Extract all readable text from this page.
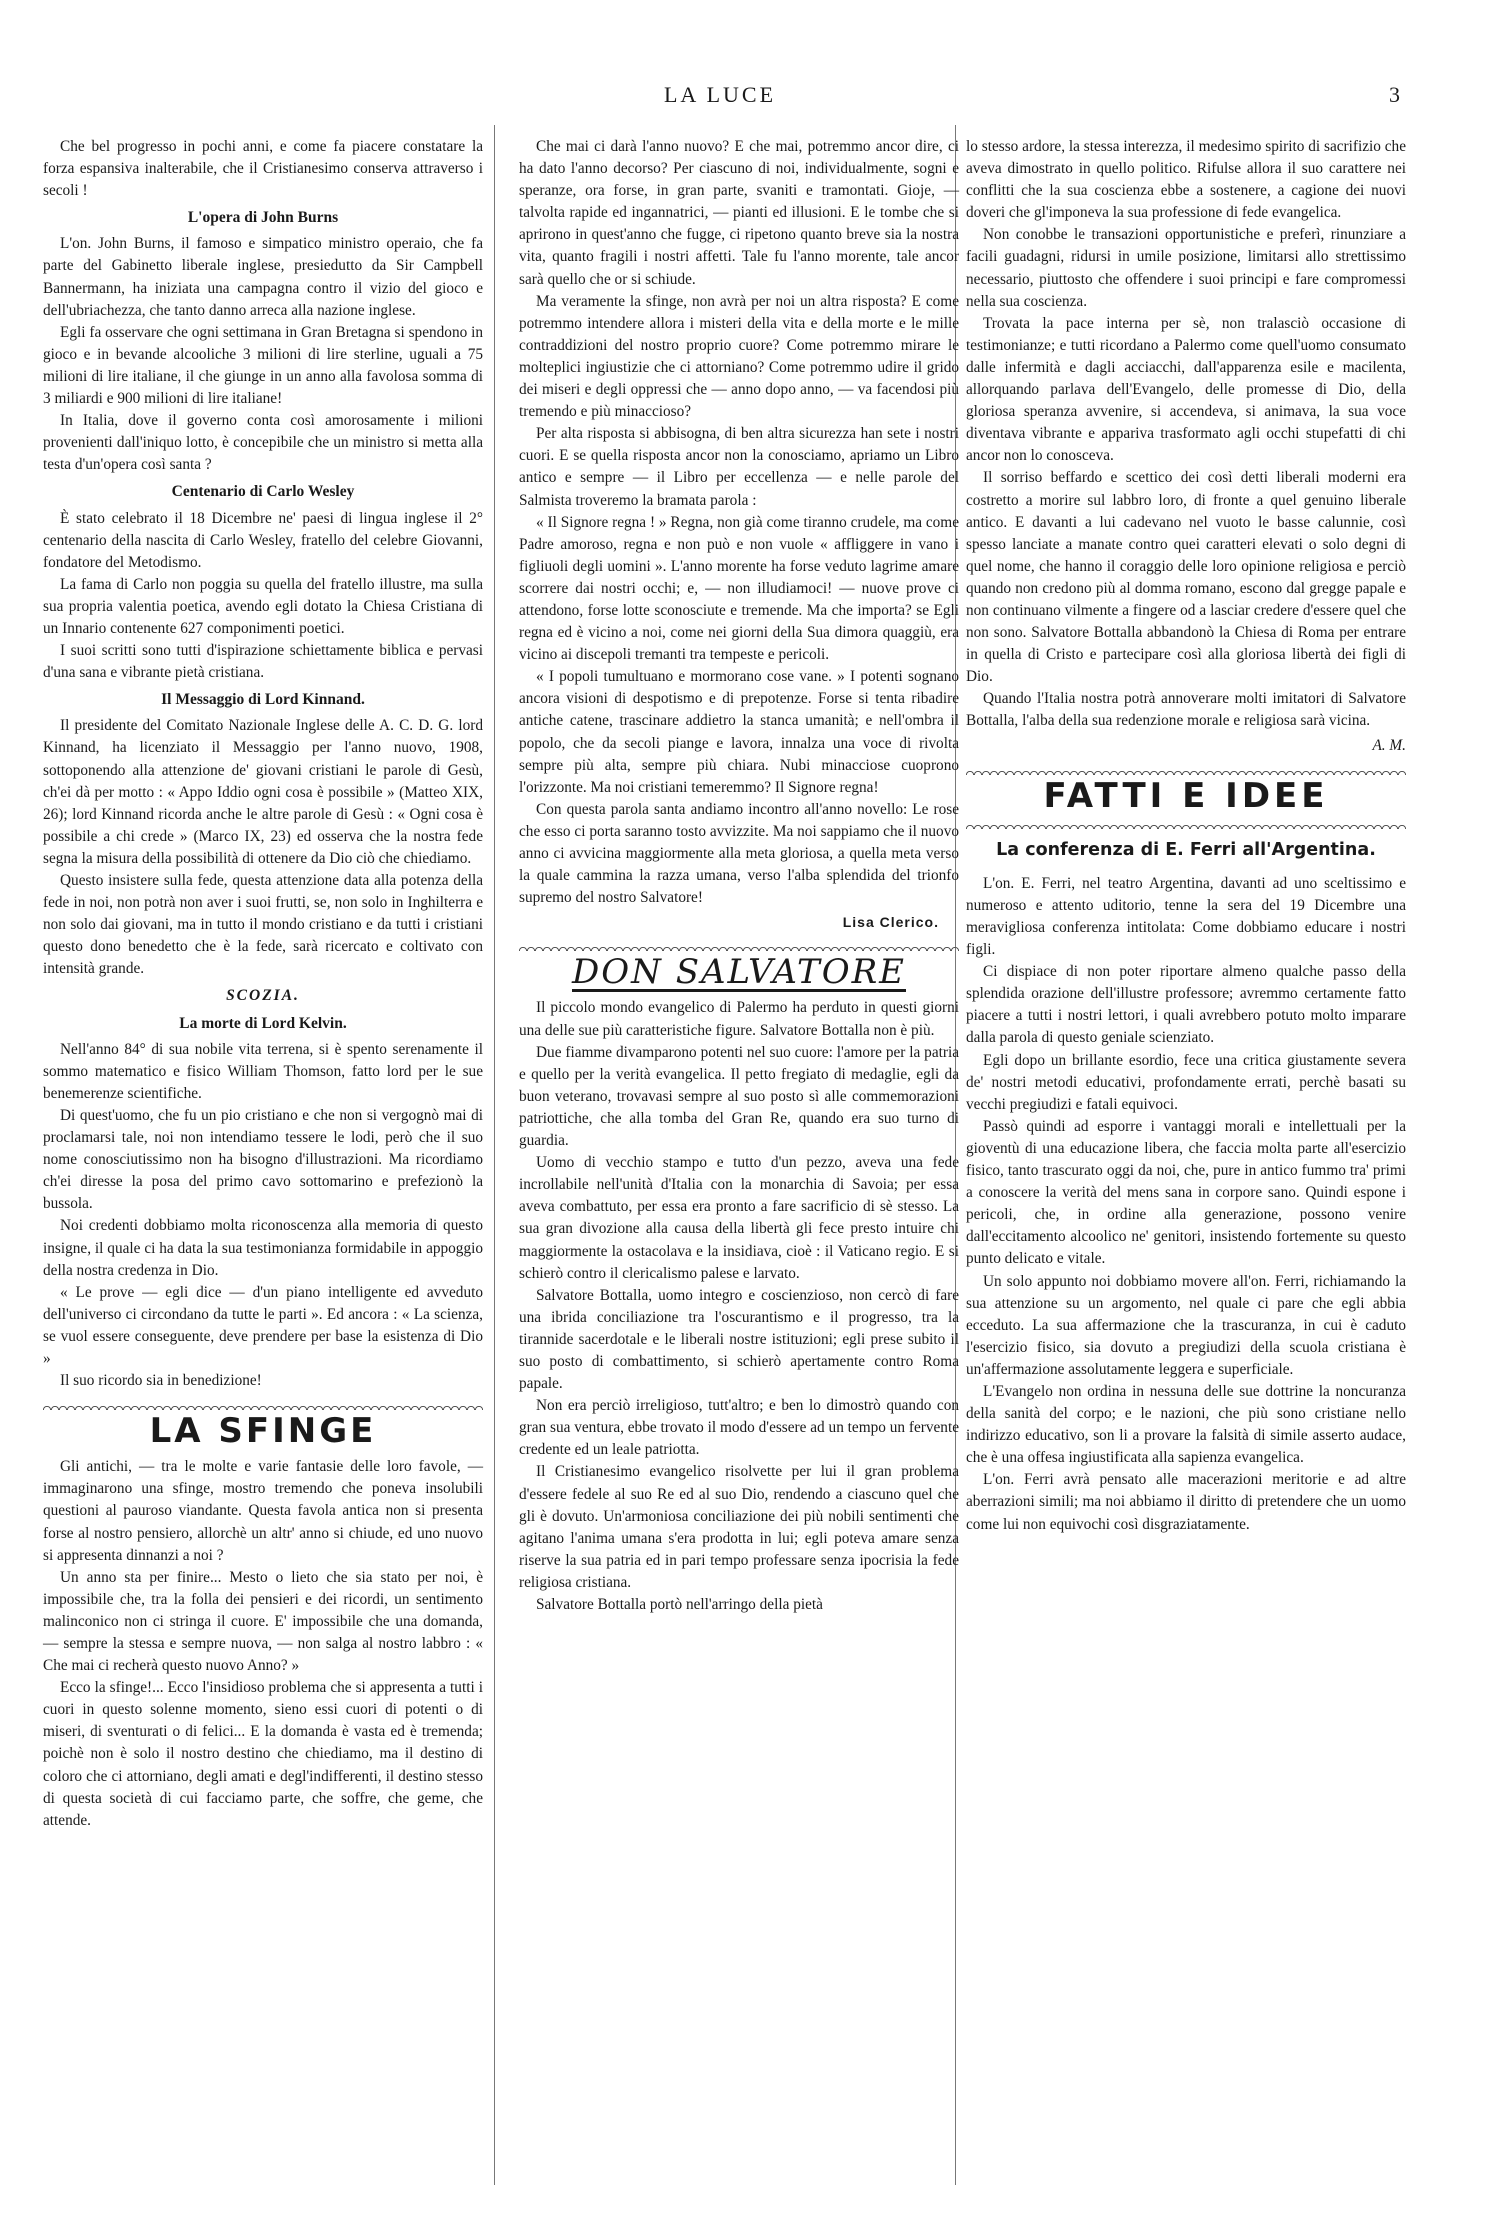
LA LUCE	3

Che bel progresso in pochi anni, e come fa piacere constatare la forza espansiva inalterabile, che il Cristianesimo conserva attraverso i secoli !

L'opera di John Burns

L'on. John Burns, il famoso e simpatico ministro operaio, che fa parte del Gabinetto liberale inglese, presiedutto da Sir Campbell Bannermann, ha iniziata una campagna contro il vizio del gioco e dell'ubriachezza, che tanto danno arreca alla nazione inglese.

Egli fa osservare che ogni settimana in Gran Bretagna si spendono in gioco e in bevande alcooliche 3 milioni di lire sterline, uguali a 75 milioni di lire italiane, il che giunge in un anno alla favolosa somma di 3 miliardi e 900 milioni di lire italiane!

In Italia, dove il governo conta così amorosamente i milioni provenienti dall'iniquo lotto, è concepibile che un ministro si metta alla testa d'un'opera così santa ?

Centenario di Carlo Wesley

È stato celebrato il 18 Dicembre ne' paesi di lingua inglese il 2° centenario della nascita di Carlo Wesley, fratello del celebre Giovanni, fondatore del Metodismo.

La fama di Carlo non poggia su quella del fratello illustre, ma sulla sua propria valentia poetica, avendo egli dotato la Chiesa Cristiana di un Innario contenente 627 componimenti poetici.

I suoi scritti sono tutti d'ispirazione schiettamente biblica e pervasi d'una sana e vibrante pietà cristiana.

Il Messaggio di Lord Kinnand.

Il presidente del Comitato Nazionale Inglese delle A. C. D. G. lord Kinnand, ha licenziato il Messaggio per l'anno nuovo, 1908, sottoponendo alla attenzione de' giovani cristiani le parole di Gesù, ch'ei dà per motto : « Appo Iddio ogni cosa è possibile » (Matteo XIX, 26); lord Kinnand ricorda anche le altre parole di Gesù : « Ogni cosa è possibile a chi crede » (Marco IX, 23) ed osserva che la nostra fede segna la misura della possibilità di ottenere da Dio ciò che chiediamo.

Questo insistere sulla fede, questa attenzione data alla potenza della fede in noi, non potrà non aver i suoi frutti, se, non solo in Inghilterra e non solo dai giovani, ma in tutto il mondo cristiano e da tutti i cristiani questo dono benedetto che è la fede, sarà ricercato e coltivato con intensità grande.

SCOZIA.
La morte di Lord Kelvin.

Nell'anno 84° di sua nobile vita terrena, si è spento serenamente il sommo matematico e fisico William Thomson, fatto lord per le sue benemerenze scientifiche.

Di quest'uomo, che fu un pio cristiano e che non si vergognò mai di proclamarsi tale, noi non intendiamo tessere le lodi, però che il suo nome conosciutissimo non ha bisogno d'illustrazioni. Ma ricordiamo ch'ei diresse la posa del primo cavo sottomarino e prefezionò la bussola.

Noi credenti dobbiamo molta riconoscenza alla memoria di questo insigne, il quale ci ha data la sua testimonianza formidabile in appoggio della nostra credenza in Dio.

« Le prove — egli dice — d'un piano intelligente ed avveduto dell'universo ci circondano da tutte le parti ». Ed ancora : « La scienza, se vuol essere conseguente, deve prendere per base la esistenza di Dio »

Il suo ricordo sia in benedizione!

LA SFINGE

Gli antichi, — tra le molte e varie fantasie delle loro favole, — immaginarono una sfinge, mostro tremendo che poneva insolubili questioni al pauroso viandante. Questa favola antica non si presenta forse al nostro pensiero, allorchè un altr' anno si chiude, ed uno nuovo si appresenta dinnanzi a noi ?

Un anno sta per finire... Mesto o lieto che sia stato per noi, è impossibile che, tra la folla dei pensieri e dei ricordi, un sentimento malinconico non ci stringa il cuore. E' impossibile che una domanda, — sempre la stessa e sempre nuova, — non salga al nostro labbro : « Che mai ci recherà questo nuovo Anno? »

Ecco la sfinge!... Ecco l'insidioso problema che si appresenta a tutti i cuori in questo solenne momento, sieno essi cuori di potenti o di miseri, di sventurati o di felici... E la domanda è vasta ed è tremenda; poichè non è solo il nostro destino che chiediamo, ma il destino di coloro che ci attorniano, degli amati e degl'indifferenti, il destino stesso di questa società di cui facciamo parte, che soffre, che geme, che attende.

Che mai ci darà l'anno nuovo? E che mai, potremmo ancor dire, ci ha dato l'anno decorso? Per ciascuno di noi, individualmente, sogni e speranze, ora forse, in gran parte, svaniti e tramontati. Gioje, — talvolta rapide ed ingannatrici, — pianti ed illusioni. E le tombe che si aprirono in quest'anno che fugge, ci ripetono quanto breve sia la nostra vita, quanto fragili i nostri affetti. Tale fu l'anno morente, tale ancor sarà quello che or si schiude.

Ma veramente la sfinge, non avrà per noi un altra risposta? E come potremmo intendere allora i misteri della vita e della morte e le mille contraddizioni del nostro proprio cuore? Come potremmo mirare le molteplici ingiustizie che ci attorniano? Come potremmo udire il grido dei miseri e degli oppressi che — anno dopo anno, — va facendosi più tremendo e più minaccioso?

Per alta risposta si abbisogna, di ben altra sicurezza han sete i nostri cuori. E se quella risposta ancor non la conosciamo, apriamo un Libro antico e sempre — il Libro per eccellenza — e nelle parole del Salmista troveremo la bramata parola :

« Il Signore regna ! » Regna, non già come tiranno crudele, ma come Padre amoroso, regna e non può e non vuole « affliggere in vano i figliuoli degli uomini ». L'anno morente ha forse veduto lagrime amare scorrere dai nostri occhi; e, — non illudiamoci! — nuove prove ci attendono, forse lotte sconosciute e tremende. Ma che importa? se Egli regna ed è vicino a noi, come nei giorni della Sua dimora quaggiù, era vicino ai discepoli tremanti tra tempeste e pericoli.

« I popoli tumultuano e mormorano cose vane. » I potenti sognano ancora visioni di despotismo e di prepotenze. Forse si tenta ribadire antiche catene, trascinare addietro la stanca umanità; e nell'ombra il popolo, che da secoli piange e lavora, innalza una voce di rivolta sempre più alta, sempre più chiara. Nubi minacciose cuoprono l'orizzonte. Ma noi cristiani temeremmo? Il Signore regna!

Con questa parola santa andiamo incontro all'anno novello: Le rose che esso ci porta saranno tosto avvizzite. Ma noi sappiamo che il nuovo anno ci avvicina maggiormente alla meta gloriosa, a quella meta verso la quale cammina la razza umana, verso l'alba splendida del trionfo supremo del nostro Salvatore!

Lisa Clerico.
DON SALVATORE

Il piccolo mondo evangelico di Palermo ha perduto in questi giorni una delle sue più caratteristiche figure. Salvatore Bottalla non è più.

Due fiamme divamparono potenti nel suo cuore: l'amore per la patria e quello per la verità evangelica. Il petto fregiato di medaglie, egli da buon veterano, trovavasi sempre al suo posto sì alle commemorazioni patriottiche, che alla tomba del Gran Re, quando era suo turno di guardia.

Uomo di vecchio stampo e tutto d'un pezzo, aveva una fede incrollabile nell'unità d'Italia con la monarchia di Savoia; per essa aveva combattuto, per essa era pronto a fare sacrificio di sè stesso. La sua gran divozione alla causa della libertà gli fece presto intuire chi maggiormente la ostacolava e la insidiava, cioè : il Vaticano regio. E si schierò contro il clericalismo palese e larvato.

Salvatore Bottalla, uomo integro e coscienzioso, non cercò di fare una ibrida conciliazione tra l'oscurantismo e il progresso, tra la tirannide sacerdotale e le liberali nostre istituzioni; egli prese subito il suo posto di combattimento, si schierò apertamente contro Roma papale.

Non era perciò irreligioso, tutt'altro; e ben lo dimostrò quando con gran sua ventura, ebbe trovato il modo d'essere ad un tempo un fervente credente ed un leale patriotta.

Il Cristianesimo evangelico risolvette per lui il gran problema d'essere fedele al suo Re ed al suo Dio, rendendo a ciascuno quel che gli è dovuto. Un'armoniosa conciliazione dei più nobili sentimenti che agitano l'anima umana s'era prodotta in lui; egli poteva amare senza riserve la sua patria ed in pari tempo professare senza ipocrisia la fede religiosa cristiana.

Salvatore Bottalla portò nell'arringo della pietà

lo stesso ardore, la stessa interezza, il medesimo spirito di sacrifizio che aveva dimostrato in quello politico. Rifulse allora il suo carattere nei conflitti che la sua coscienza ebbe a sostenere, a cagione dei nuovi doveri che gl'imponeva la sua professione di fede evangelica.

Non conobbe le transazioni opportunistiche e preferì, rinunziare a facili guadagni, ridursi in umile posizione, limitarsi allo strettissimo necessario, piuttosto che offendere i suoi principi e fare compromessi nella sua coscienza.

Trovata la pace interna per sè, non tralasciò occasione di testimonianze; e tutti ricordano a Palermo come quell'uomo consumato dalle infermità e dagli acciacchi, dall'apparenza esile e macilenta, allorquando parlava dell'Evangelo, delle promesse di Dio, della gloriosa speranza avvenire, si accendeva, si animava, la sua voce diventava vibrante e appariva trasformato agli occhi stupefatti di chi ancor non lo conosceva.

Il sorriso beffardo e scettico dei così detti liberali moderni era costretto a morire sul labbro loro, di fronte a quel genuino liberale antico. E davanti a lui cadevano nel vuoto le basse calunnie, così spesso lanciate a manate contro quei caratteri elevati o solo degni di quel nome, che hanno il coraggio delle loro opinione religiosa e perciò quando non credono più al domma romano, escono dal gregge papale e non continuano vilmente a fingere od a lasciar credere d'essere quel che non sono. Salvatore Bottalla abbandonò la Chiesa di Roma per entrare in quella di Cristo e partecipare così alla gloriosa libertà dei figli di Dio.

Quando l'Italia nostra potrà annoverare molti imitatori di Salvatore Bottalla, l'alba della sua redenzione morale e religiosa sarà vicina.

A. M.
FATTI E IDEE
La conferenza di E. Ferri all'Argentina.

L'on. E. Ferri, nel teatro Argentina, davanti ad uno sceltissimo e numeroso e attento uditorio, tenne la sera del 19 Dicembre una meravigliosa conferenza intitolata: Come dobbiamo educare i nostri figli.

Ci dispiace di non poter riportare almeno qualche passo della splendida orazione dell'illustre professore; avremmo certamente fatto piacere a tutti i nostri lettori, i quali avrebbero potuto molto imparare dalla parola di questo geniale scienziato.

Egli dopo un brillante esordio, fece una critica giustamente severa de' nostri metodi educativi, profondamente errati, perchè basati su vecchi pregiudizi e fatali equivoci.

Passò quindi ad esporre i vantaggi morali e intellettuali per la gioventù di una educazione libera, che faccia molta parte all'esercizio fisico, tanto trascurato oggi da noi, che, pure in antico fummo tra' primi a conoscere la verità del mens sana in corpore sano. Quindi espone i pericoli, che, in ordine alla generazione, possono venire dall'eccitamento alcoolico ne' genitori, insistendo fortemente su questo punto delicato e vitale.

Un solo appunto noi dobbiamo movere all'on. Ferri, richiamando la sua attenzione su un argomento, nel quale ci pare che egli abbia ecceduto. La sua affermazione che la trascuranza, in cui è caduto l'esercizio fisico, sia dovuto a pregiudizi della scuola cristiana è un'affermazione assolutamente leggera e superficiale.

L'Evangelo non ordina in nessuna delle sue dottrine la noncuranza della sanità del corpo; e le nazioni, che più sono cristiane nello indirizzo educativo, son li a provare la falsità di simile asserto audace, che è una offesa ingiustificata alla sapienza evangelica.

L'on. Ferri avrà pensato alle macerazioni meritorie e ad altre aberrazioni simili; ma noi abbiamo il diritto di pretendere che un uomo come lui non equivochi così disgraziatamente.
